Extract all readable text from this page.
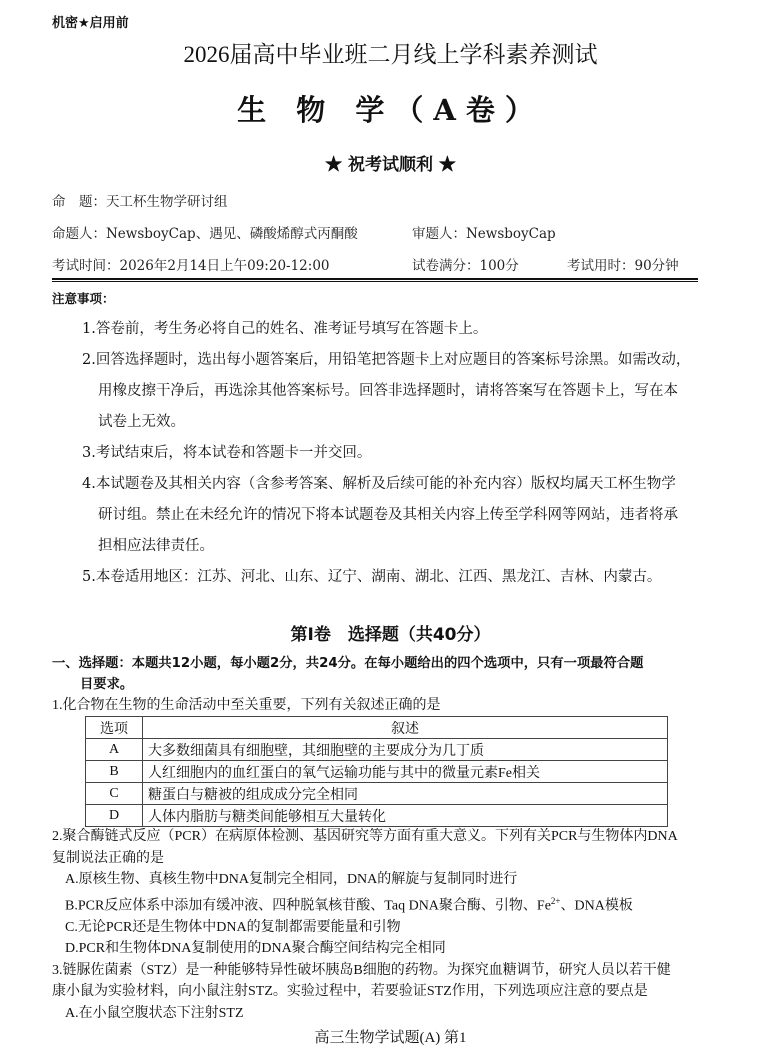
机密★启用前
2026届高中毕业班二月线上学科素养测试
生 物 学（A卷）
★ 祝考试顺利 ★
命　题：天工杯生物学研讨组
命题人：NewsboyCap、遇见、磷酸烯醇式丙酮酸	审题人：NewsboyCap
考试时间：2026年2月14日上午09:20-12:00	试卷满分：100分	考试用时：90分钟
注意事项：
1.答卷前，考生务必将自己的姓名、准考证号填写在答题卡上。
2.回答选择题时，选出每小题答案后，用铅笔把答题卡上对应题目的答案标号涂黑。如需改动，
用橡皮擦干净后，再选涂其他答案标号。回答非选择题时，请将答案写在答题卡上，写在本
试卷上无效。
3.考试结束后，将本试卷和答题卡一并交回。
4.本试题卷及其相关内容（含参考答案、解析及后续可能的补充内容）版权均属天工杯生物学
研讨组。禁止在未经允许的情况下将本试题卷及其相关内容上传至学科网等网站，违者将承
担相应法律责任。
5.本卷适用地区：江苏、河北、山东、辽宁、湖南、湖北、江西、黑龙江、吉林、内蒙古。
第Ⅰ卷　选择题（共40分）
一、选择题：本题共12小题，每小题2分，共24分。在每小题给出的四个选项中，只有一项最符合题
目要求。
1.化合物在生物的生命活动中至关重要，下列有关叙述正确的是
选项	叙述
A	大多数细菌具有细胞壁，其细胞壁的主要成分为几丁质
B	人红细胞内的血红蛋白的氧气运输功能与其中的微量元素Fe相关
C	糖蛋白与糖被的组成成分完全相同
D	人体内脂肪与糖类间能够相互大量转化
2.聚合酶链式反应（PCR）在病原体检测、基因研究等方面有重大意义。下列有关PCR与生物体内DNA
复制说法正确的是
A.原核生物、真核生物中DNA复制完全相同，DNA的解旋与复制同时进行
B.PCR反应体系中添加有缓冲液、四种脱氧核苷酸、Taq DNA聚合酶、引物、$Fe^{2+}$、DNA模板
C.无论PCR还是生物体中DNA的复制都需要能量和引物
D.PCR和生物体DNA复制使用的DNA聚合酶空间结构完全相同
3.链脲佐菌素（STZ）是一种能够特异性破坏胰岛B细胞的药物。为探究血糖调节，研究人员以若干健
康小鼠为实验材料，向小鼠注射STZ。实验过程中，若要验证STZ作用，下列选项应注意的要点是
A.在小鼠空腹状态下注射STZ
高三生物学试题(A) 第1
